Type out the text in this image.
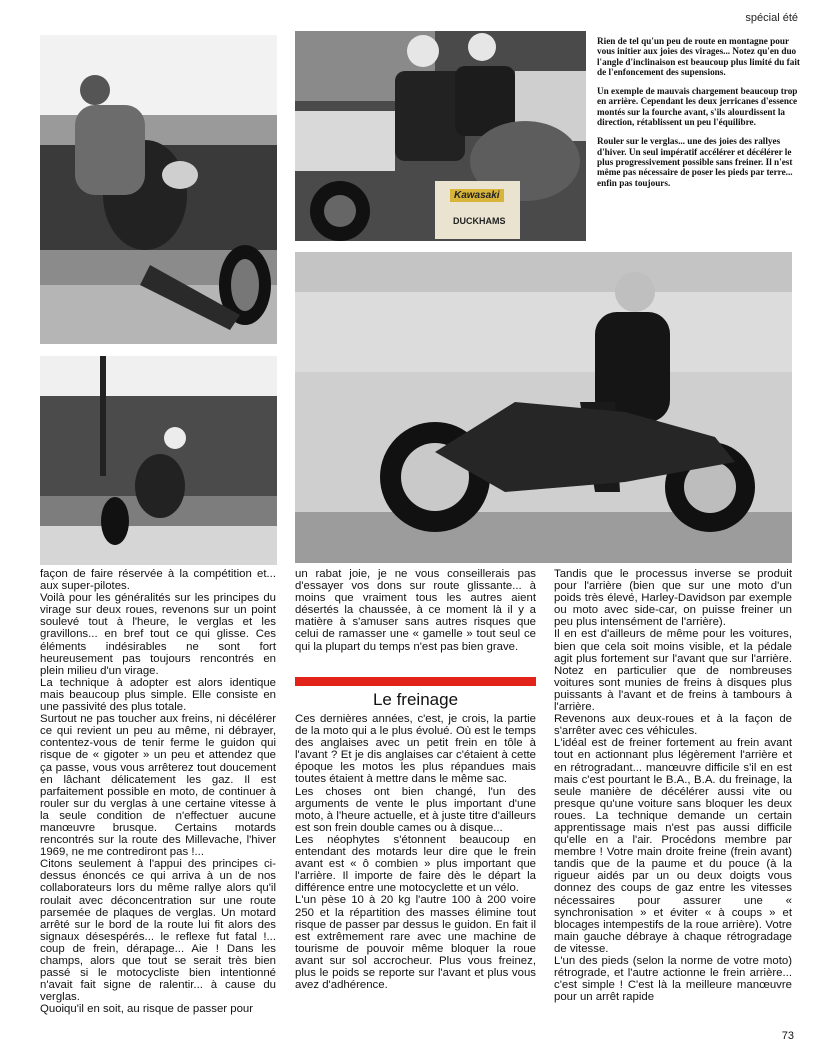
spécial été
Kawasaki
DUCKHAMS

Rien de tel qu'un peu de route en montagne pour vous initier aux joies des virages... Notez qu'en duo l'angle d'inclinaison est beaucoup plus limité du fait de l'enfoncement des supensions.

Un exemple de mauvais chargement beaucoup trop en arrière. Cependant les deux jerricanes d'essence montés sur la fourche avant, s'ils alourdissent la direction, rétablissent un peu l'équilibre.

Rouler sur le verglas... une des joies des rallyes d'hiver. Un seul impératif accélérer et décélérer le plus progressivement possible sans freiner. Il n'est même pas nécessaire de poser les pieds par terre... enfin pas toujours.

façon de faire réservée à la compétition et... aux super-pilotes.

Voilà pour les généralités sur les principes du virage sur deux roues, revenons sur un point soulevé tout à l'heure, le verglas et les gravillons... en bref tout ce qui glisse. Ces éléments indésirables ne sont fort heureusement pas toujours rencontrés en plein milieu d'un virage.

La technique à adopter est alors identique mais beaucoup plus simple. Elle consiste en une passivité des plus totale.

Surtout ne pas toucher aux freins, ni décélérer ce qui revient un peu au même, ni débrayer, contentez-vous de tenir ferme le guidon qui risque de « gigoter » un peu et attendez que ça passe, vous vous arrêterez tout doucement en lâchant délicatement les gaz. Il est parfaitement possible en moto, de continuer à rouler sur du verglas à une certaine vitesse à la seule condition de n'effectuer aucune manœuvre brusque. Certains motards rencontrés sur la route des Millevache, l'hiver 1969, ne me contrediront pas !...

Citons seulement à l'appui des principes ci-dessus énoncés ce qui arriva à un de nos collaborateurs lors du même rallye alors qu'il roulait avec déconcentration sur une route parsemée de plaques de verglas. Un motard arrêté sur le bord de la route lui fit alors des signaux désespérés... le reflexe fut fatal !... coup de frein, dérapage... Aie ! Dans les champs, alors que tout se serait très bien passé si le motocycliste bien intentionné n'avait fait signe de ralentir... à cause du verglas.

Quoiqu'il en soit, au risque de passer pour

un rabat joie, je ne vous conseillerais pas d'essayer vos dons sur route glissante... à moins que vraiment tous les autres aient désertés la chaussée, à ce moment là il y a matière à s'amuser sans autres risques que celui de ramasser une « gamelle » tout seul ce qui la plupart du temps n'est pas bien grave.

Le freinage

Ces dernières années, c'est, je crois, la partie de la moto qui a le plus évolué. Où est le temps des anglaises avec un petit frein en tôle à l'avant ? Et je dis anglaises car c'étaient à cette époque les motos les plus répandues mais toutes étaient à mettre dans le même sac.

Les choses ont bien changé, l'un des arguments de vente le plus important d'une moto, à l'heure actuelle, et à juste titre d'ailleurs est son frein double cames ou à disque...

Les néophytes s'étonnent beaucoup en entendant des motards leur dire que le frein avant est « ô combien » plus important que l'arrière. Il importe de faire dès le départ la différence entre une motocyclette et un vélo.

L'un pèse 10 à 20 kg l'autre 100 à 200 voire 250 et la répartition des masses élimine tout risque de passer par dessus le guidon. En fait il est extrêmement rare avec une machine de tourisme de pouvoir même bloquer la roue avant sur sol accrocheur. Plus vous freinez, plus le poids se reporte sur l'avant et plus vous avez d'adhérence.

Tandis que le processus inverse se produit pour l'arrière (bien que sur une moto d'un poids très élevé, Harley-Davidson par exemple ou moto avec side-car, on puisse freiner un peu plus intensément de l'arrière).

Il en est d'ailleurs de même pour les voitures, bien que cela soit moins visible, et la pédale agit plus fortement sur l'avant que sur l'arrière. Notez en particulier que de nombreuses voitures sont munies de freins à disques plus puissants à l'avant et de freins à tambours à l'arrière.

Revenons aux deux-roues et à la façon de s'arrêter avec ces véhicules.

L'idéal est de freiner fortement au frein avant tout en actionnant plus légèrement l'arrière et en rétrogradant... manœuvre difficile s'il en est mais c'est pourtant le B.A., B.A. du freinage, la seule manière de décélérer aussi vite ou presque qu'une voiture sans bloquer les deux roues. La technique demande un certain apprentissage mais n'est pas aussi difficile qu'elle en a l'air. Procédons membre par membre ! Votre main droite freine (frein avant) tandis que de la paume et du pouce (à la rigueur aidés par un ou deux doigts vous donnez des coups de gaz entre les vitesses nécessaires pour assurer une « synchronisation » et éviter « à coups » et blocages intempestifs de la roue arrière). Votre main gauche débraye à chaque rétrogradage de vitesse.

L'un des pieds (selon la norme de votre moto) rétrograde, et l'autre actionne le frein arrière... c'est simple ! C'est là la meilleure manœuvre pour un arrêt rapide

73
